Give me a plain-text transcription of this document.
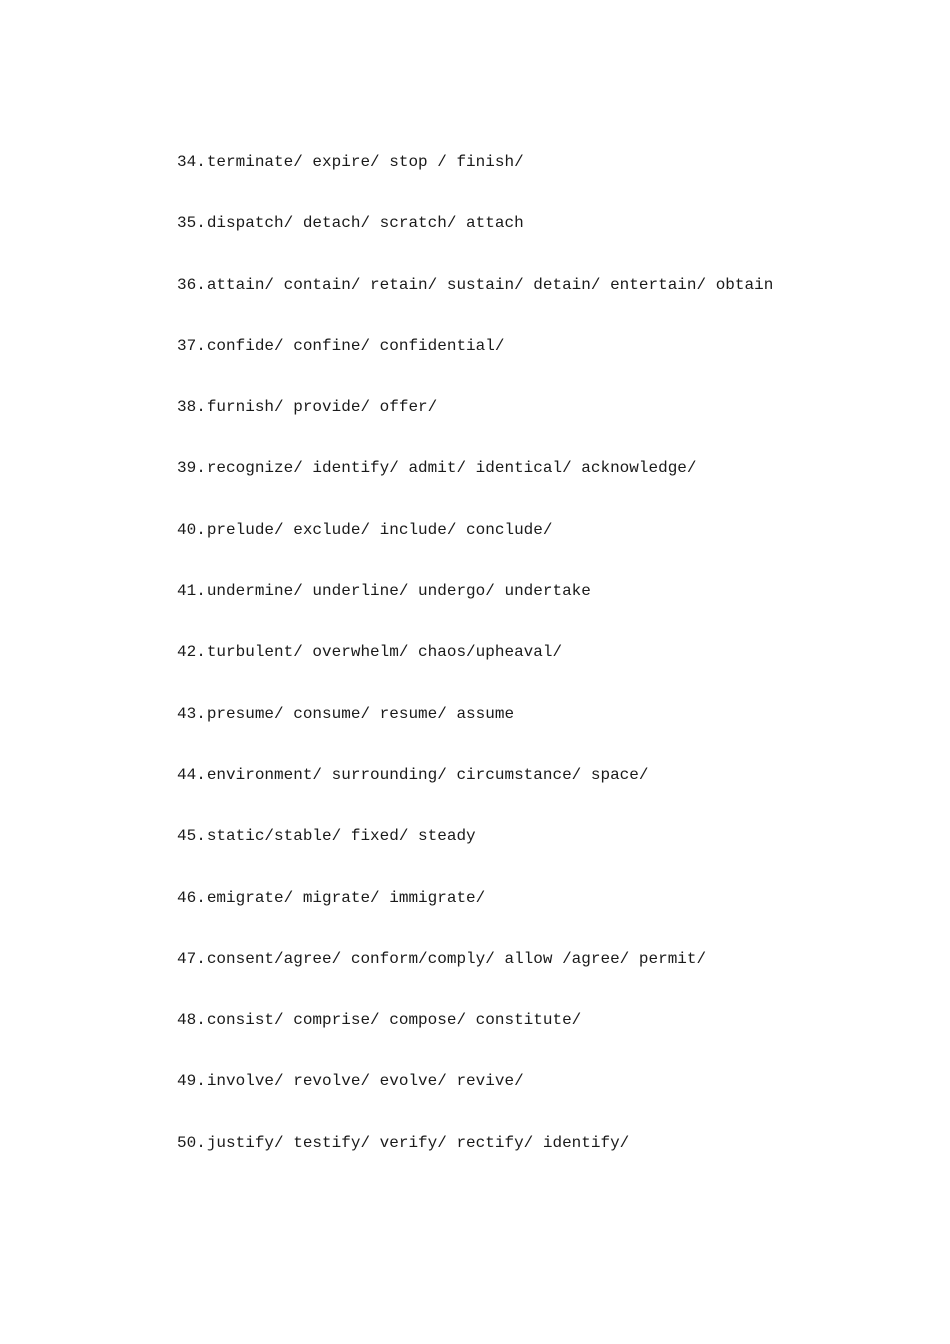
34.terminate/ expire/ stop / finish/
35.dispatch/ detach/ scratch/ attach
36.attain/ contain/ retain/ sustain/ detain/ entertain/ obtain
37.confide/ confine/ confidential/
38.furnish/ provide/ offer/
39.recognize/ identify/ admit/ identical/ acknowledge/
40.prelude/ exclude/ include/ conclude/
41.undermine/ underline/ undergo/ undertake
42.turbulent/ overwhelm/ chaos/upheaval/
43.presume/ consume/ resume/ assume
44.environment/ surrounding/ circumstance/ space/
45.static/stable/ fixed/ steady
46.emigrate/ migrate/ immigrate/
47.consent/agree/ conform/comply/ allow /agree/ permit/
48.consist/ comprise/ compose/ constitute/
49.involve/ revolve/ evolve/ revive/
50.justify/ testify/ verify/ rectify/ identify/
